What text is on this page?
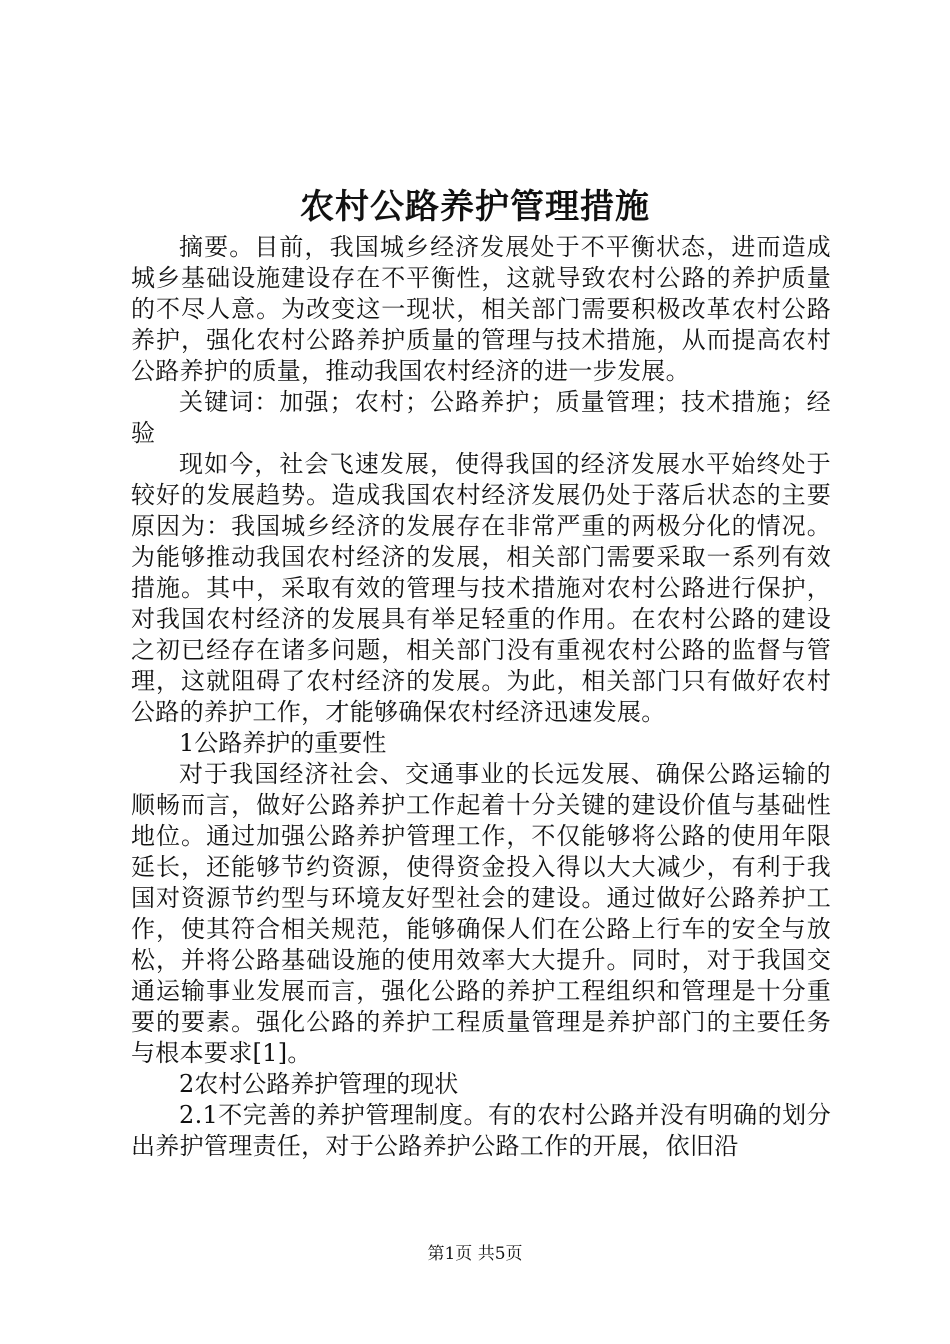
农村公路养护管理措施

摘要。目前，我国城乡经济发展处于不平衡状态，进而造成城乡基础设施建设存在不平衡性，这就导致农村公路的养护质量的不尽人意。为改变这一现状，相关部门需要积极改革农村公路养护，强化农村公路养护质量的管理与技术措施，从而提高农村公路养护的质量，推动我国农村经济的进一步发展。

关键词：加强；农村；公路养护；质量管理；技术措施；经验

现如今，社会飞速发展，使得我国的经济发展水平始终处于较好的发展趋势。造成我国农村经济发展仍处于落后状态的主要原因为：我国城乡经济的发展存在非常严重的两极分化的情况。为能够推动我国农村经济的发展，相关部门需要采取一系列有效措施。其中，采取有效的管理与技术措施对农村公路进行保护，对我国农村经济的发展具有举足轻重的作用。在农村公路的建设之初已经存在诸多问题，相关部门没有重视农村公路的监督与管理，这就阻碍了农村经济的发展。为此，相关部门只有做好农村公路的养护工作，才能够确保农村经济迅速发展。

1公路养护的重要性

对于我国经济社会、交通事业的长远发展、确保公路运输的顺畅而言，做好公路养护工作起着十分关键的建设价值与基础性地位。通过加强公路养护管理工作，不仅能够将公路的使用年限延长，还能够节约资源，使得资金投入得以大大减少，有利于我国对资源节约型与环境友好型社会的建设。通过做好公路养护工作，使其符合相关规范，能够确保人们在公路上行车的安全与放松，并将公路基础设施的使用效率大大提升。同时，对于我国交通运输事业发展而言，强化公路的养护工程组织和管理是十分重要的要素。强化公路的养护工程质量管理是养护部门的主要任务与根本要求[1]。

2农村公路养护管理的现状

2.1不完善的养护管理制度。有的农村公路并没有明确的划分出养护管理责任，对于公路养护公路工作的开展，依旧沿

第1页 共5页
